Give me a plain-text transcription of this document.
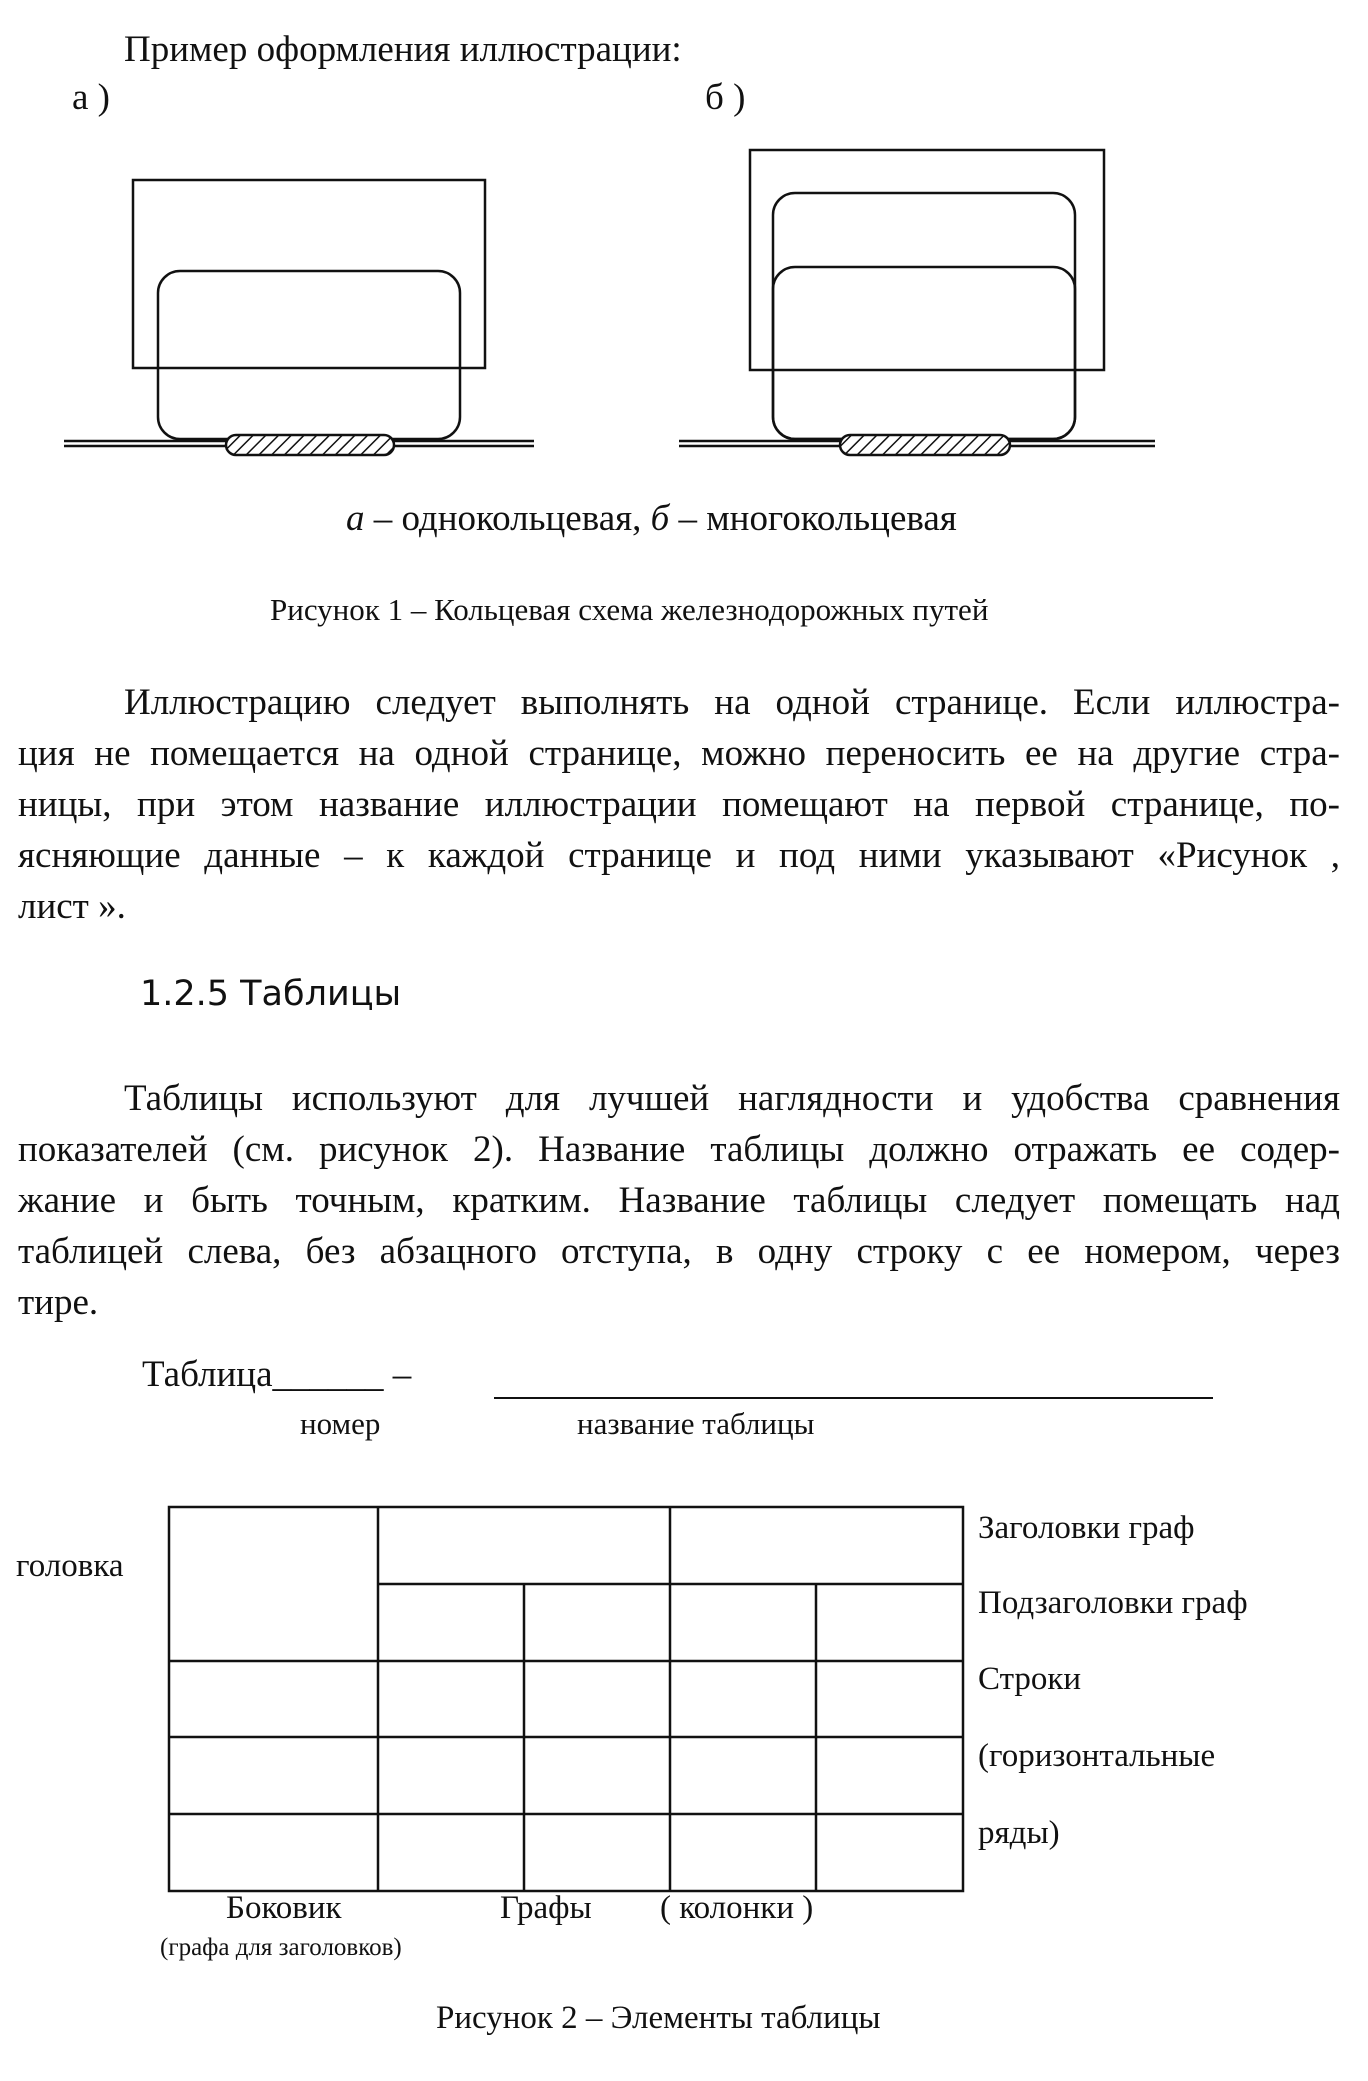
Пример оформления иллюстрации:
а )	б )
а – однокольцевая, б – многокольцевая
Рисунок 1 – Кольцевая схема железнодорожных путей
Иллюстрацию следует выполнять на одной странице. Если иллюстра-
ция не помещается на одной странице, можно переносить ее на другие стра-
ницы, при этом название иллюстрации помещают на первой странице, по-
ясняющие данные – к каждой странице и под ними указывают «Рисунок ,
лист ».
1.2.5 Таблицы
Таблицы используют для лучшей наглядности и удобства сравнения
показателей (см. рисунок 2). Название таблицы должно отражать ее содер-
жание и быть точным, кратким. Название таблицы следует помещать над
таблицей слева, без абзацного отступа, в одну строку с ее номером, через
тире.
Таблица______ –
номер	название таблицы
головка
Заголовки граф
Подзаголовки граф
Строки
(горизонтальные
ряды)
Боковик	Графы ( колонки )
(графа для заголовков)
Рисунок 2 – Элементы таблицы
